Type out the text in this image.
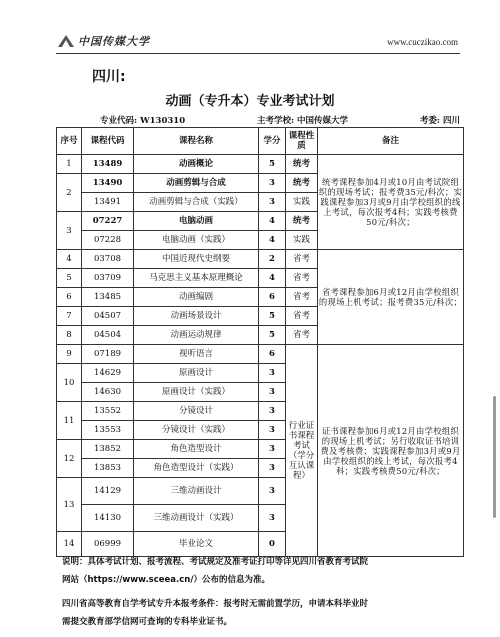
中国传媒大学	www.cuczikao.com
四川:
动画（专升本）专业考试计划
专业代码: W130310	主考学校: 中国传媒大学	考委: 四川
序号	课程代码	课程名称	学分	课程性质	备注	
1	13489	动画概论	5	统考	统考课程参加4月或10月由考试院组织的现场考试；报考费35元/科次；实践课程参加3月或9月由学校组织的线上考试，每次报考4科；实践考核费50元/科次；	
2	13490	动画剪辑与合成	3	统考		
	13491	动画剪辑与合成（实践）	3	实践		
3	07227	电脑动画	4	统考		
	07228	电脑动画（实践）	4	实践		
4	03708	中国近现代史纲要	2	省考	省考课程参加6月或12月由学校组织的现场上机考试；报考费35元/科次；	
5	03709	马克思主义基本原理概论	4	省考		
6	13485	动画编剧	6	省考		
7	04507	动画场景设计	5	省考		
8	04504	动画运动规律	5	省考		
9	07189	视听语言	6	行业证书课程考试（学分互认课程）	证书课程参加6月或12月由学校组织的现场上机考试；另行收取证书培训费及考核费；实践课程参加3月或9月由学校组织的线上考试，每次报考4科；实践考核费50元/科次；	
10	14629	原画设计	3			
	14630	原画设计（实践）	3			
11	13552	分镜设计	3			
	13553	分镜设计（实践）	3			
12	13852	角色造型设计	3			
	13853	角色造型设计（实践）	3			
13	14129	三维动画设计	3			
	14130	三维动画设计（实践）	3			
14	06999	毕业论文	0			
说明：具体考试计划、报考流程、考试规定及准考证打印等详见四川省教育考试院
网站（https://www.sceea.cn/）公布的信息为准。
四川省高等教育自学考试专升本报考条件：报考时无需前置学历，申请本科毕业时
需提交教育部学信网可查询的专科毕业证书。
